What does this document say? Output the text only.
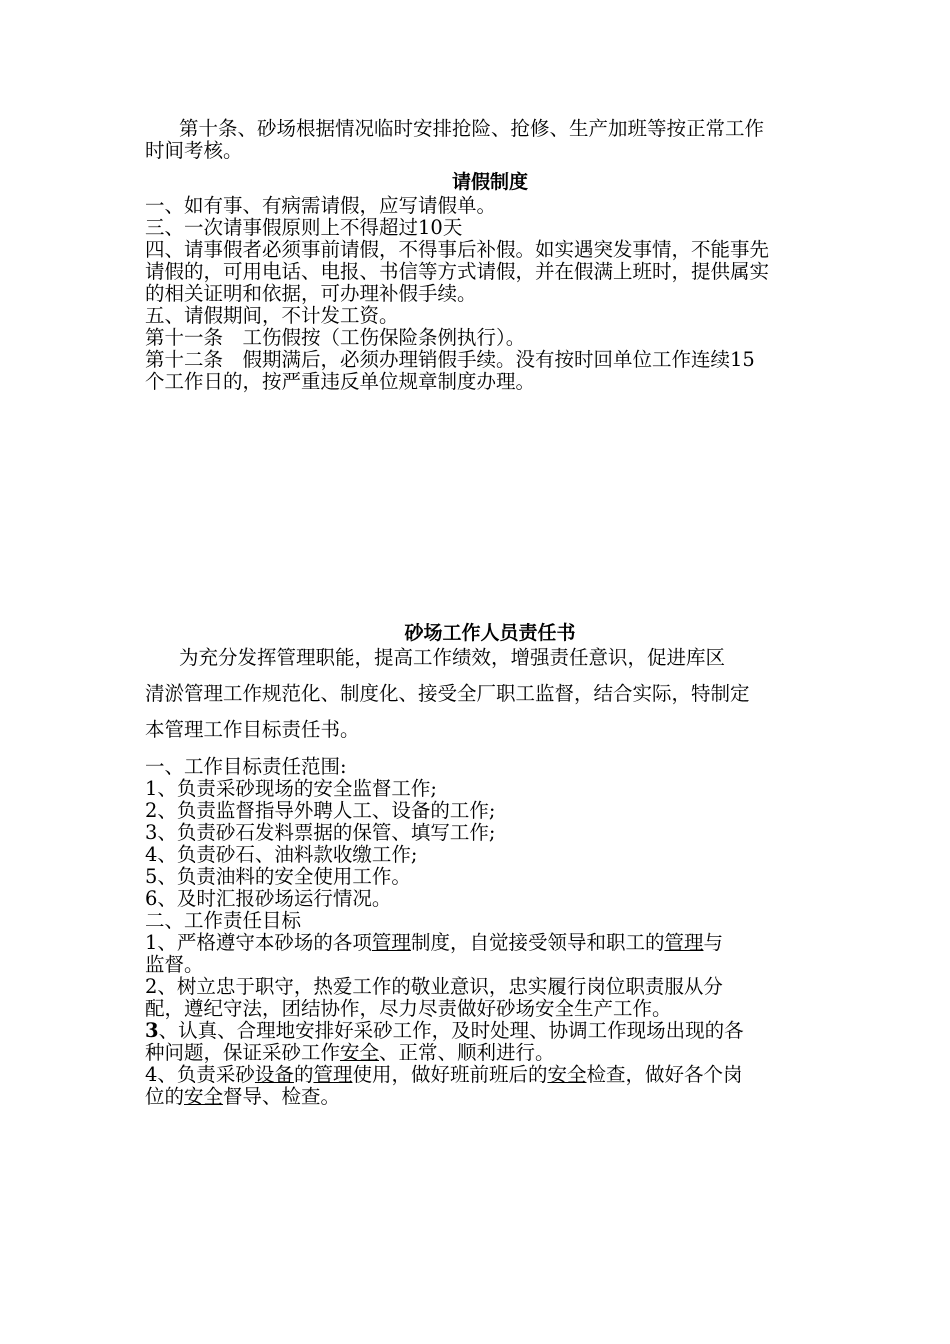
第十条、砂场根据情况临时安排抢险、抢修、生产加班等按正常工作

时间考核。

请假制度

一、如有事、有病需请假，应写请假单。

三、一次请事假原则上不得超过10天

四、请事假者必须事前请假，不得事后补假。如实遇突发事情，不能事先

请假的，可用电话、电报、书信等方式请假，并在假满上班时，提供属实

的相关证明和依据，可办理补假手续。

五、请假期间，不计发工资。

第十一条　工伤假按（工伤保险条例执行）。

第十二条　假期满后，必须办理销假手续。没有按时回单位工作连续15

个工作日的，按严重违反单位规章制度办理。

砂场工作人员责任书

为充分发挥管理职能，提高工作绩效，增强责任意识，促进库区

清淤管理工作规范化、制度化、接受全厂职工监督，结合实际，特制定

本管理工作目标责任书。

一、工作目标责任范围:

1、负责采砂现场的安全监督工作;

2、负责监督指导外聘人工、设备的工作;

3、负责砂石发料票据的保管、填写工作;

4、负责砂石、油料款收缴工作;

5、负责油料的安全使用工作。

6、及时汇报砂场运行情况。

二、工作责任目标

1、严格遵守本砂场的各项管理制度，自觉接受领导和职工的管理与

监督。

2、树立忠于职守，热爱工作的敬业意识，忠实履行岗位职责服从分

配，遵纪守法，团结协作，尽力尽责做好砂场安全生产工作。

3、认真、合理地安排好采砂工作，及时处理、协调工作现场出现的各

种问题，保证采砂工作安全、正常、顺利进行。

4、负责采砂设备的管理使用，做好班前班后的安全检查，做好各个岗

位的安全督导、检查。
